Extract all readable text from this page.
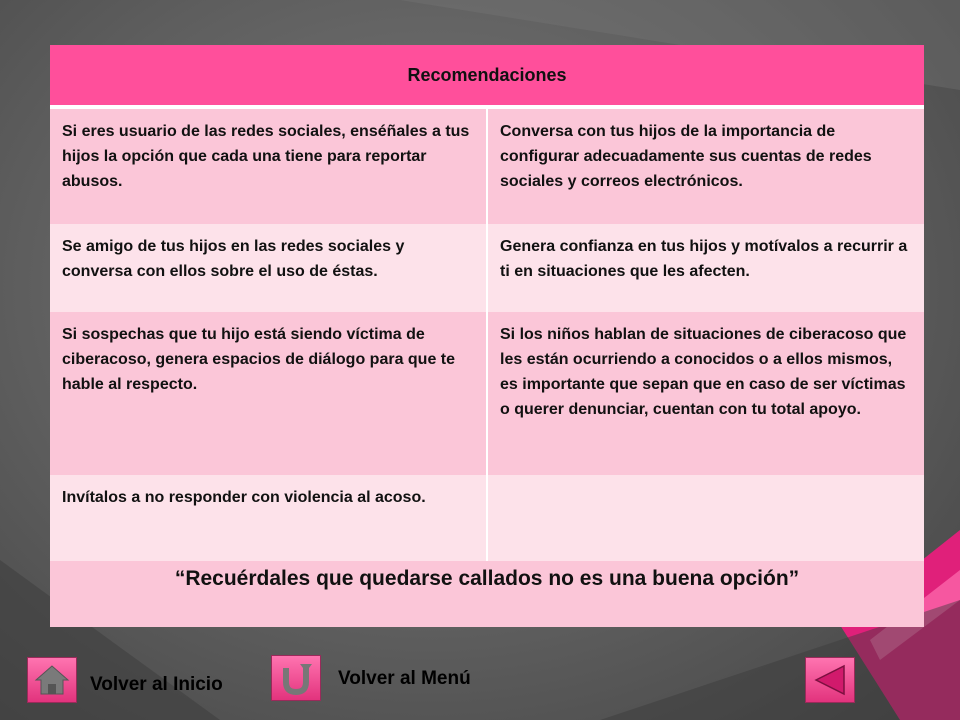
Recomendaciones	
Si eres usuario de las redes sociales, enséñales a tus hijos la opción que cada una tiene para reportar abusos.	Conversa con tus hijos de la importancia de configurar adecuadamente sus cuentas de redes sociales y correos electrónicos.
Se amigo de tus hijos en las redes sociales y conversa con ellos sobre el uso de éstas.	Genera confianza en tus hijos y motívalos a recurrir a ti en situaciones que les afecten.
Si sospechas que tu hijo está siendo víctima de ciberacoso, genera espacios de diálogo para que te hable al respecto.	Si los niños hablan de situaciones de ciberacoso que les están ocurriendo a conocidos o a ellos mismos, es importante que sepan que en caso de ser víctimas o querer denunciar, cuentan con tu total apoyo.
Invítalos a no responder con violencia al acoso.	
“Recuérdales que quedarse callados no es una buena opción”	
Volver al Inicio	Volver al Menú
